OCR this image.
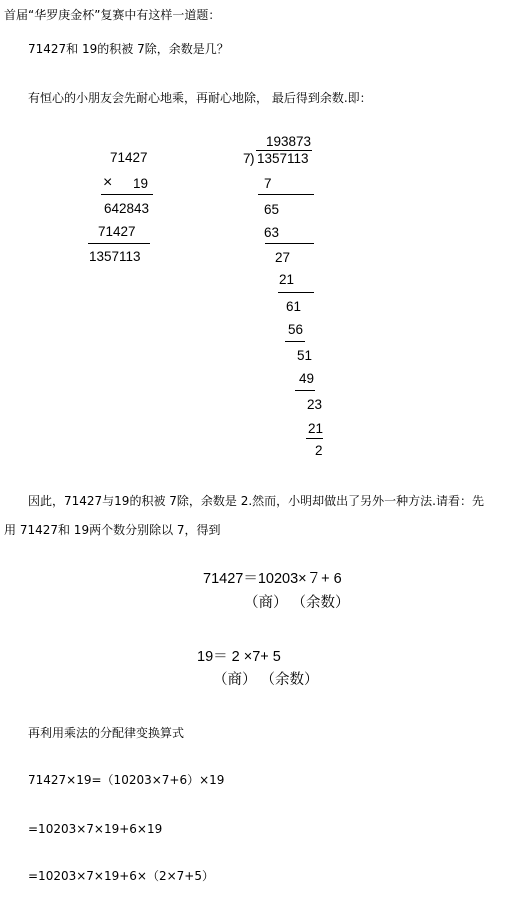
首届“华罗庚金杯”复赛中有这样一道题：
71427和 19的积被 7除，余数是几？
有恒心的小朋友会先耐心地乘，再耐心地除， 最后得到余数.即：
71427
× 19
642843
71427
1357113
193873
7 ) 1357113
7
65
63
27
21
61
56
51
49
23
21
2
因此，71427与19的积被 7除，余数是 2.然而，小明却做出了另外一种方法.请看：先
用 71427和 19两个数分别除以 7，得到
71427＝10203×７+ 6
（商） （余数）
19＝ 2 ×7+ 5
（商） （余数）
再利用乘法的分配律变换算式
71427×19=（10203×7+6）×19
=10203×7×19+6×19
=10203×7×19+6×（2×7+5）
